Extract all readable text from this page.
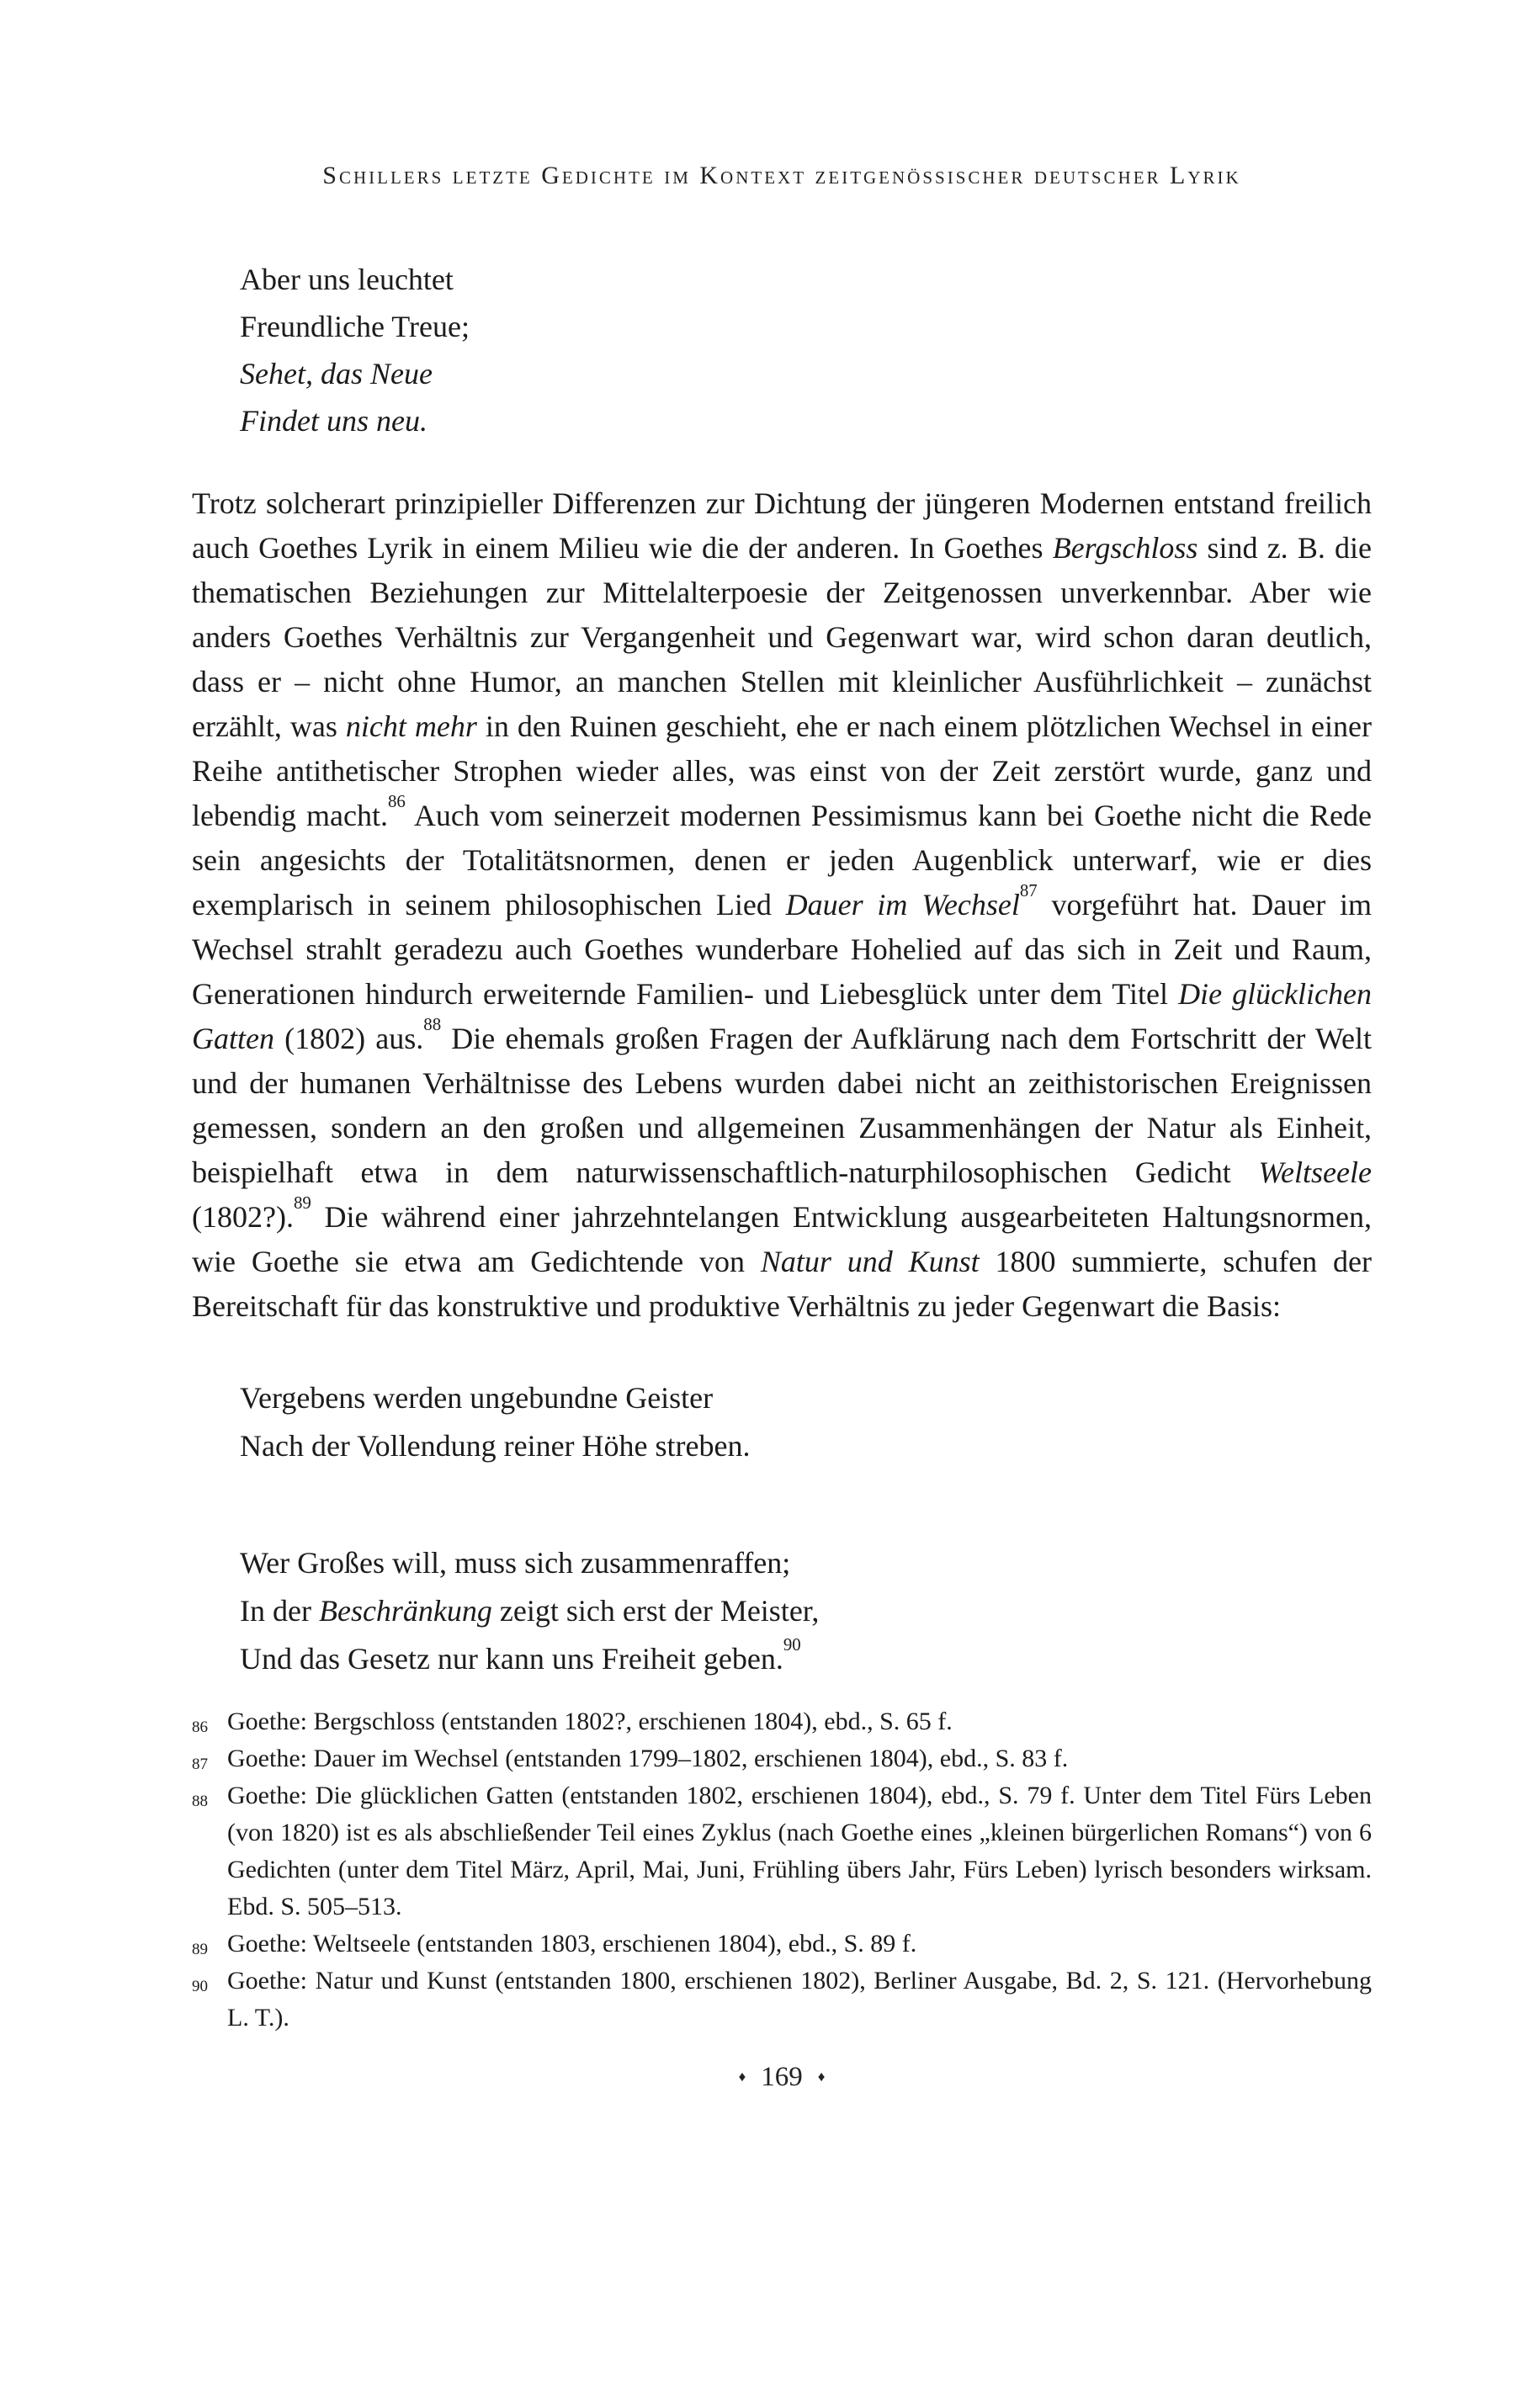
Schillers letzte Gedichte im Kontext zeitgenössischer deutscher Lyrik
Aber uns leuchtet
Freundliche Treue;
Sehet, das Neue
Findet uns neu.

Trotz solcherart prinzipieller Differenzen zur Dichtung der jüngeren Modernen entstand freilich auch Goethes Lyrik in einem Milieu wie die der anderen. In Goethes Bergschloss sind z. B. die thematischen Beziehungen zur Mittelalterpoesie der Zeitgenossen unverkennbar. Aber wie anders Goethes Verhältnis zur Vergangenheit und Gegenwart war, wird schon daran deutlich, dass er – nicht ohne Humor, an manchen Stellen mit kleinlicher Ausführlichkeit – zunächst erzählt, was nicht mehr in den Ruinen geschieht, ehe er nach einem plötzlichen Wechsel in einer Reihe antithetischer Strophen wieder alles, was einst von der Zeit zerstört wurde, ganz und lebendig macht.$^{86}$ Auch vom seinerzeit modernen Pessimismus kann bei Goethe nicht die Rede sein angesichts der Totalitätsnormen, denen er jeden Augenblick unterwarf, wie er dies exemplarisch in seinem philosophischen Lied Dauer im Wechsel$^{87}$ vorgeführt hat. Dauer im Wechsel strahlt geradezu auch Goethes wunderbare Hohelied auf das sich in Zeit und Raum, Generationen hindurch erweiternde Familien- und Liebesglück unter dem Titel Die glücklichen Gatten (1802) aus.$^{88}$ Die ehemals großen Fragen der Aufklärung nach dem Fortschritt der Welt und der humanen Verhältnisse des Lebens wurden dabei nicht an zeithistorischen Ereignissen gemessen, sondern an den großen und allgemeinen Zusammenhängen der Natur als Einheit, beispielhaft etwa in dem naturwissenschaftlich-naturphilosophischen Gedicht Weltseele (1802?).$^{89}$ Die während einer jahrzehntelangen Entwicklung ausgearbeiteten Haltungsnormen, wie Goethe sie etwa am Gedichtende von Natur und Kunst 1800 summierte, schufen der Bereitschaft für das konstruktive und produktive Verhältnis zu jeder Gegenwart die Basis:

Vergebens werden ungebundne Geister
Nach der Vollendung reiner Höhe streben.
Wer Großes will, muss sich zusammenraffen;
In der Beschränkung zeigt sich erst der Meister,
Und das Gesetz nur kann uns Freiheit geben.$^{90}$
86 Goethe: Bergschloss (entstanden 1802?, erschienen 1804), ebd., S. 65 f.
87 Goethe: Dauer im Wechsel (entstanden 1799–1802, erschienen 1804), ebd., S. 83 f.
88 Goethe: Die glücklichen Gatten (entstanden 1802, erschienen 1804), ebd., S. 79 f. Unter dem Titel Fürs Leben (von 1820) ist es als abschließender Teil eines Zyklus (nach Goethe eines „kleinen bürgerlichen Romans“) von 6 Gedichten (unter dem Titel März, April, Mai, Juni, Frühling übers Jahr, Fürs Leben) lyrisch besonders wirksam. Ebd. S. 505–513.
89 Goethe: Weltseele (entstanden 1803, erschienen 1804), ebd., S. 89 f.
90 Goethe: Natur und Kunst (entstanden 1800, erschienen 1802), Berliner Ausgabe, Bd. 2, S. 121. (Hervorhebung L. T.).
♦ 169 ♦
